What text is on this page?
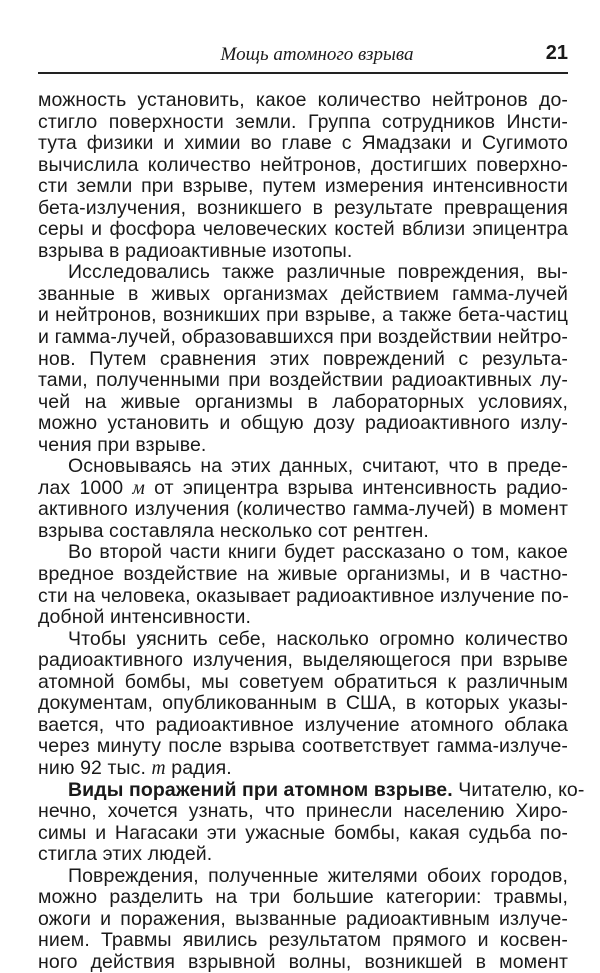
Мощь атомного взрыва	21
можность установить, какое количество нейтронов до-
стигло поверхности земли. Группа сотрудников Инсти-
тута физики и химии во главе с Ямадзаки и Сугимото
вычислила количество нейтронов, достигших поверхно-
сти земли при взрыве, путем измерения интенсивности
бета-излучения, возникшего в результате превращения
серы и фосфора человеческих костей вблизи эпицентра
взрыва в радиоактивные изотопы.
Исследовались также различные повреждения, вы-
званные в живых организмах действием гамма-лучей
и нейтронов, возникших при взрыве, а также бета-частиц
и гамма-лучей, образовавшихся при воздействии нейтро-
нов. Путем сравнения этих повреждений с результа-
тами, полученными при воздействии радиоактивных лу-
чей на живые организмы в лабораторных условиях,
можно установить и общую дозу радиоактивного излу-
чения при взрыве.
Основываясь на этих данных, считают, что в преде-
лах 1000 м от эпицентра взрыва интенсивность радио-
активного излучения (количество гамма-лучей) в момент
взрыва составляла несколько сот рентген.
Во второй части книги будет рассказано о том, какое
вредное воздействие на живые организмы, и в частно-
сти на человека, оказывает радиоактивное излучение по-
добной интенсивности.
Чтобы уяснить себе, насколько огромно количество
радиоактивного излучения, выделяющегося при взрыве
атомной бомбы, мы советуем обратиться к различным
документам, опубликованным в США, в которых указы-
вается, что радиоактивное излучение атомного облака
через минуту после взрыва соответствует гамма-излуче-
нию 92 тыс. т радия.
Виды поражений при атомном взрыве. Читателю, ко-
нечно, хочется узнать, что принесли населению Хиро-
симы и Нагасаки эти ужасные бомбы, какая судьба по-
стигла этих людей.
Повреждения, полученные жителями обоих городов,
можно разделить на три большие категории: травмы,
ожоги и поражения, вызванные радиоактивным излуче-
нием. Травмы явились результатом прямого и косвен-
ного действия взрывной волны, возникшей в момент
